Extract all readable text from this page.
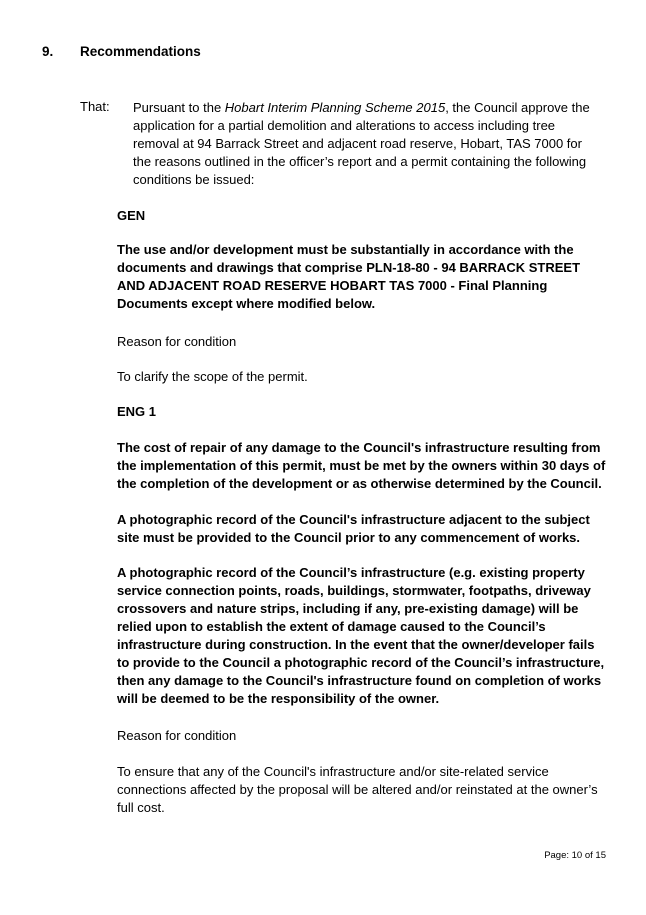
9. Recommendations
That: Pursuant to the Hobart Interim Planning Scheme 2015, the Council approve the application for a partial demolition and alterations to access including tree removal at 94 Barrack Street and adjacent road reserve, Hobart, TAS 7000 for the reasons outlined in the officer’s report and a permit containing the following conditions be issued:
GEN
The use and/or development must be substantially in accordance with the documents and drawings that comprise PLN-18-80 - 94 BARRACK STREET AND ADJACENT ROAD RESERVE HOBART TAS 7000 - Final Planning Documents except where modified below.
Reason for condition
To clarify the scope of the permit.
ENG 1
The cost of repair of any damage to the Council's infrastructure resulting from the implementation of this permit, must be met by the owners within 30 days of the completion of the development or as otherwise determined by the Council.
A photographic record of the Council's infrastructure adjacent to the subject site must be provided to the Council prior to any commencement of works.
A photographic record of the Council’s infrastructure (e.g. existing property service connection points, roads, buildings, stormwater, footpaths, driveway crossovers and nature strips, including if any, pre-existing damage) will be relied upon to establish the extent of damage caused to the Council’s infrastructure during construction. In the event that the owner/developer fails to provide to the Council a photographic record of the Council’s infrastructure, then any damage to the Council's infrastructure found on completion of works will be deemed to be the responsibility of the owner.
Reason for condition
To ensure that any of the Council's infrastructure and/or site-related service connections affected by the proposal will be altered and/or reinstated at the owner’s full cost.
Page: 10 of 15
